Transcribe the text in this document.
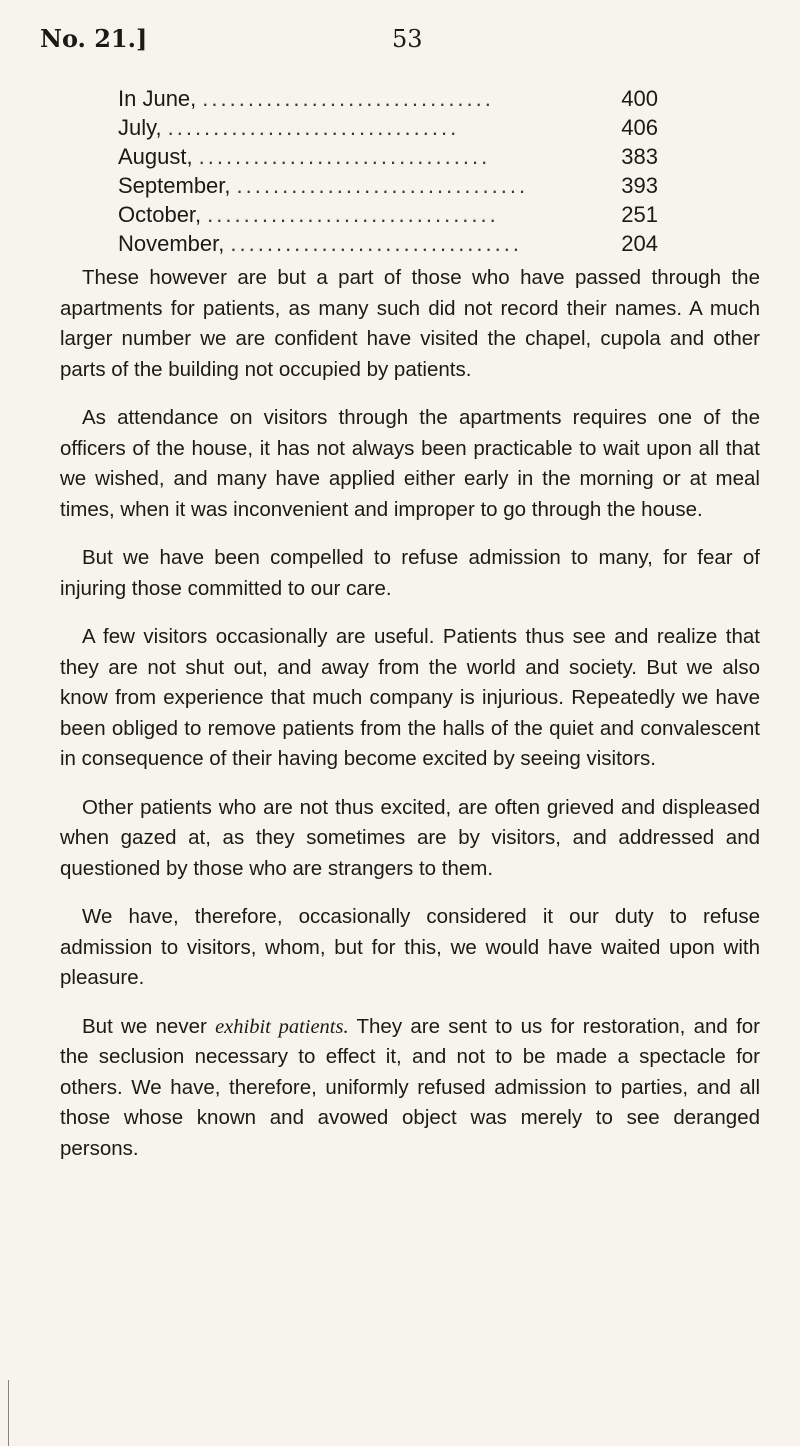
No. 21.]	53
In June, ................................	400
July, ................................	406
August, ................................	383
September, ................................	393
October, ................................	251
November, ................................	204

These however are but a part of those who have passed through the apartments for patients, as many such did not record their names. A much larger number we are confident have visited the chapel, cupola and other parts of the building not occupied by patients.

As attendance on visitors through the apartments requires one of the officers of the house, it has not always been practicable to wait upon all that we wished, and many have applied either early in the morning or at meal times, when it was inconvenient and improper to go through the house.

But we have been compelled to refuse admission to many, for fear of injuring those committed to our care.

A few visitors occasionally are useful. Patients thus see and realize that they are not shut out, and away from the world and society. But we also know from experience that much company is injurious. Repeatedly we have been obliged to remove patients from the halls of the quiet and convalescent in consequence of their having become excited by seeing visitors.

Other patients who are not thus excited, are often grieved and displeased when gazed at, as they sometimes are by visitors, and addressed and questioned by those who are strangers to them.

We have, therefore, occasionally considered it our duty to refuse admission to visitors, whom, but for this, we would have waited upon with pleasure.

But we never exhibit patients. They are sent to us for restoration, and for the seclusion necessary to effect it, and not to be made a spectacle for others. We have, therefore, uniformly refused admission to parties, and all those whose known and avowed object was merely to see deranged persons.
